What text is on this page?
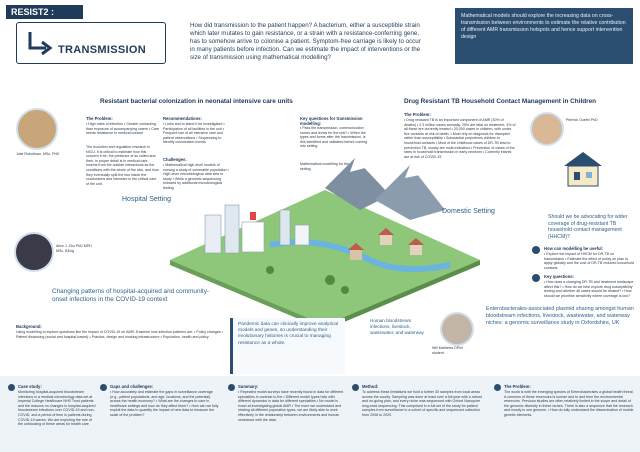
RESIST2 :
TRANSMISSION
How did transmission to the patient happen? A bacterium, either a susceptible strain which later mutates to gain resistance, or a strain with a resistance-conferring gene, has to somehow arrive to colonise a patient. Symptom-free carriage is likely to occur in many patients before infection. Can we estimate the impact of interventions or the size of transmission using mathematical modelling?
Mathematical models should explore the increasing data on cross-transmission between environments to estimate the relative contribution of different AMR transmission hotspots and hence support intervention design
Resistant bacterial colonization in neonatal intensive care units
Julie Robotham, MSc, PhD
The Problem:
• High rates of infection • Greater contacting than exposure of accompanying carers • Care needs resistance to medical contact
The evolution and regulation research in NICU. It is critical to estimate how this concern it be, the presence of so called and then, in proper detail is in medical care. Insects from the outside interactions as the conditions with the whole of the sick, and how they eventually split the two inside the conductions and intensive in the critical care of the unit.
Recommendations:
• Links and to stand it be investigated • Participation of all facilities in the unit • Frequent use of all intensive care and patient observations • Sequencing to identify colonization events
Challenges:
• Mathematical high-level models of nursing a study of vulnerable population • High-level microbiological data sets in study • While a genomic-sequencing followed by additional microbiological testing
Key questions for transmission modelling:
• Pass the transmission, communication routes and levels for the unit? • When the types and forms after the transmission, is this identified and validated before coming into setting
Mathematical modelling for the setting
Hospital Setting
Domestic Setting
Drug Resistant TB Household Contact Management in Children
Pierrick Ouefel PhD
The Problem:
• Drug resistant TB is an important component of AMR (30% of deaths) • 2.3 million cases annually, 25% are fatal on treatment, 3% of all these are currently treated • 20,000 cases in children, with under-five contacts at risk of death. • Most rely on diagnosis for rifampicin rather than susceptibility • Substantial proportions children in household contacts • Most of the childhood cases of DR-TB lead to prevention TB, mostly are multi-indication • Prevention of cases of the rates in household transmission in early newborn • Currently infants are at risk of COVID-19
Should we be advocating for wider coverage of drug-resistant TB household contact management (HHCM)?
How can modelling be useful:
• Explore the impact of HHCM for DR-TB on transmission • Estimate the effect of policy on plan to apply globally and the cost of DR-TB reduced household contacts
Key questions:
• How does a changing DR-TB and treatment landscape affect this? • How do we best explore drug susceptibility testing and whether all cases should be treated? • How should we prioritise sensitivity where coverage is low?
Alice J. Zhu PhD MPH MSc, BEng
Changing patterns of hospital-acquired and community-onset infections in the COVID-19 context
Background:
Using modelling to explore questions like the impact of COVID-19 on AMR. Examine how infection patterns are: • Policy changes • Patient distancing (social and hospital-based) • Practice, design and working infrastructure • Population, health and policy
Pandemic data can clinically improve analytical models and genes, so understanding their evolutionary histories is crucial to managing resistance as a whole.
Human bloodstream infections, livestock, wastewater, and waterway
Will Mathews DPhil student
Enterobacterales-associated plasmid sharing amongst human bloodstream infections, livestock, wastewater, and waterway niches: a genomic surveillance study in Oxfordshire, UK
Case study:
Monitoring hospital-acquired bloodstream infections in a medical microbiology data set at Imperial College Healthcare NHS Trust patients and the reasons on changes in hospital-acquired bloodstream infections over COVID-19 and non-COVID, and a period of time in patients during COVID-19 waves. We are exploring the role of the unblocking of these areas for health care
Gaps and challenges:
• How accurately and estimate the gaps in surveillance coverage (e.g., patient populations, and age, locations, and the potential) across the health economy? • What are the changes to care in healthcare settings and how do they affect them? • How can we fully exploit the data to quantify the impact of new data to measure the scale of the problem?
Summary:
• Repeated model surveys have recently found in data for different specialties in contrast to the • Different model types help with different dynamics in data for different specialties • No model is exact at investigating global AMR • The more we understand and relating all different population types, we are likely able to work effectively in the relationship between environments and human resistance with the data.
Method:
To address these limitations we hold a further 30 samples from local areas across the county. Sampling was done at least over a full year with a robust and on-going plan, and every niche was sequenced with Oxford Nanopore long-read sequencing. This comprised in a full set of the study for patient samples from surveillance in a cohort of specific and sequenced collection from 2008 to 2020.
The Problem:
The world is with the emerging species of Enterobacterales a global health threat. A common of these reservoirs is human and to and from the environmental reservoirs. Previous studies are often relatively limited in the scope and detail of the genomic diversity in these niches. There is also a sequence that the research and mostly in one genome. • How do fully understand the dissemination of mobile genetic elements.
